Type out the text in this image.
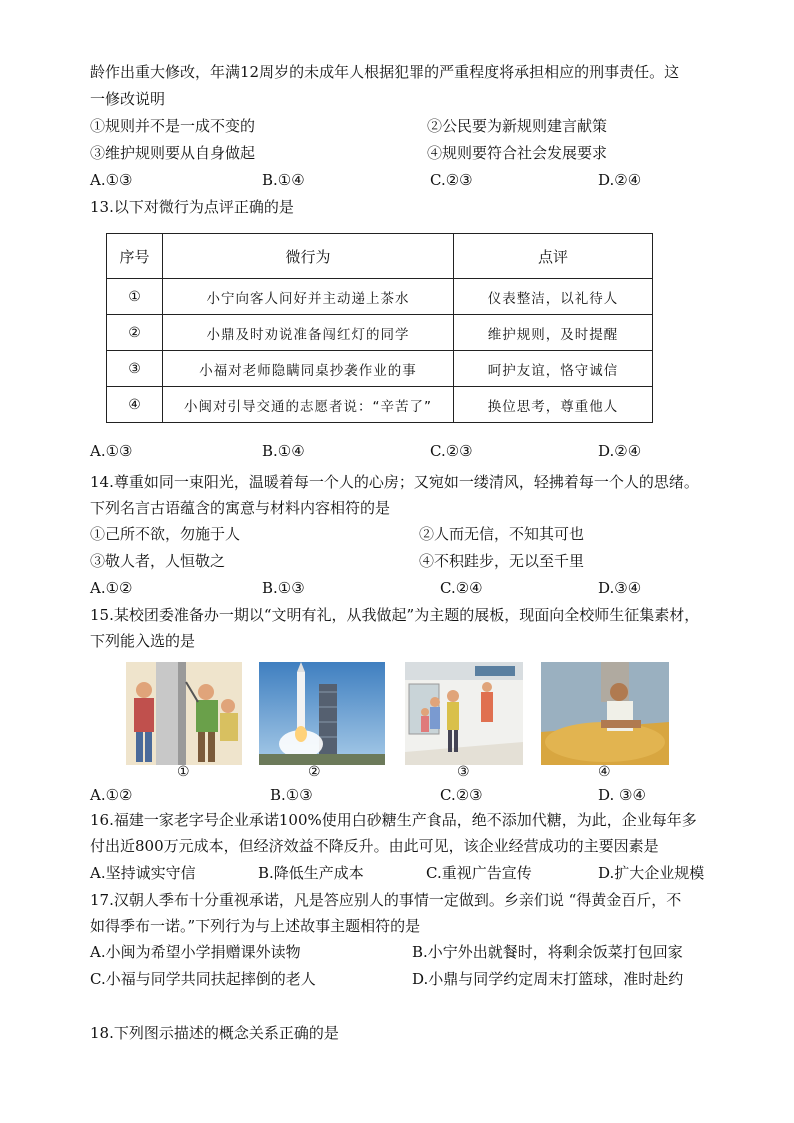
龄作出重大修改，年满12周岁的未成年人根据犯罪的严重程度将承担相应的刑事责任。这
一修改说明
①规则并不是一成不变的	②公民要为新规则建言献策
③维护规则要从自身做起	④规则要符合社会发展要求
A.①③	B.①④	C.②③	D.②④
13.以下对微行为点评正确的是
序号	微行为	点评
①	小宁向客人问好并主动递上茶水	仪表整洁，以礼待人
②	小鼎及时劝说准备闯红灯的同学	维护规则，及时提醒
③	小福对老师隐瞒同桌抄袭作业的事	呵护友谊，恪守诚信
④	小闽对引导交通的志愿者说：“辛苦了”	换位思考，尊重他人
A.①③	B.①④	C.②③	D.②④
14.尊重如同一束阳光，温暖着每一个人的心房；又宛如一缕清风，轻拂着每一个人的思绪。
下列名言古语蕴含的寓意与材料内容相符的是
①己所不欲，勿施于人	②人而无信，不知其可也
③敬人者，人恒敬之	④不积跬步，无以至千里
A.①②	B.①③	C.②④	D.③④
15.某校团委准备办一期以“文明有礼，从我做起”为主题的展板，现面向全校师生征集素材，
下列能入选的是
①	②	③	④
A.①②	B.①③	C.②③	D. ③④
16.福建一家老字号企业承诺100%使用白砂糖生产食品，绝不添加代糖，为此，企业每年多
付出近800万元成本，但经济效益不降反升。由此可见，该企业经营成功的主要因素是
A.坚持诚实守信	B.降低生产成本	C.重视广告宣传	D.扩大企业规模
17.汉朝人季布十分重视承诺，凡是答应别人的事情一定做到。乡亲们说 “得黄金百斤，不
如得季布一诺。”下列行为与上述故事主题相符的是
A.小闽为希望小学捐赠课外读物	B.小宁外出就餐时，将剩余饭菜打包回家
C.小福与同学共同扶起摔倒的老人	D.小鼎与同学约定周末打篮球，准时赴约
18.下列图示描述的概念关系正确的是
